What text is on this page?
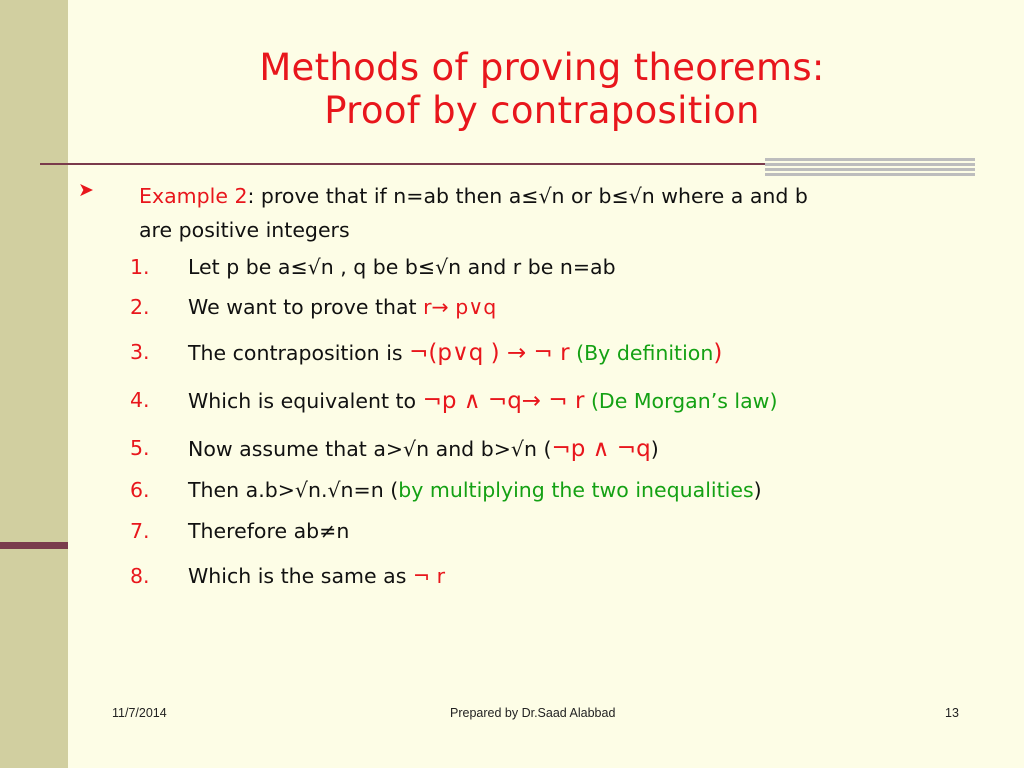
Methods of proving theorems:
Proof by contraposition
➤ Example 2: prove that if n=ab then a≤√n or b≤√n where a and b
are positive integers
1. Let p be a≤√n , q be b≤√n and r be n=ab
2. We want to prove that r→ p∨q
3. The contraposition is ¬(p∨q ) → ¬ r (By definition)
4. Which is equivalent to ¬p ∧ ¬q→ ¬ r (De Morgan’s law)
5. Now assume that a>√n and b>√n (¬p ∧ ¬q)
6. Then a.b>√n.√n=n (by multiplying the two inequalities)
7. Therefore ab≠n
8. Which is the same as ¬ r
11/7/2014	Prepared by Dr.Saad Alabbad	13
